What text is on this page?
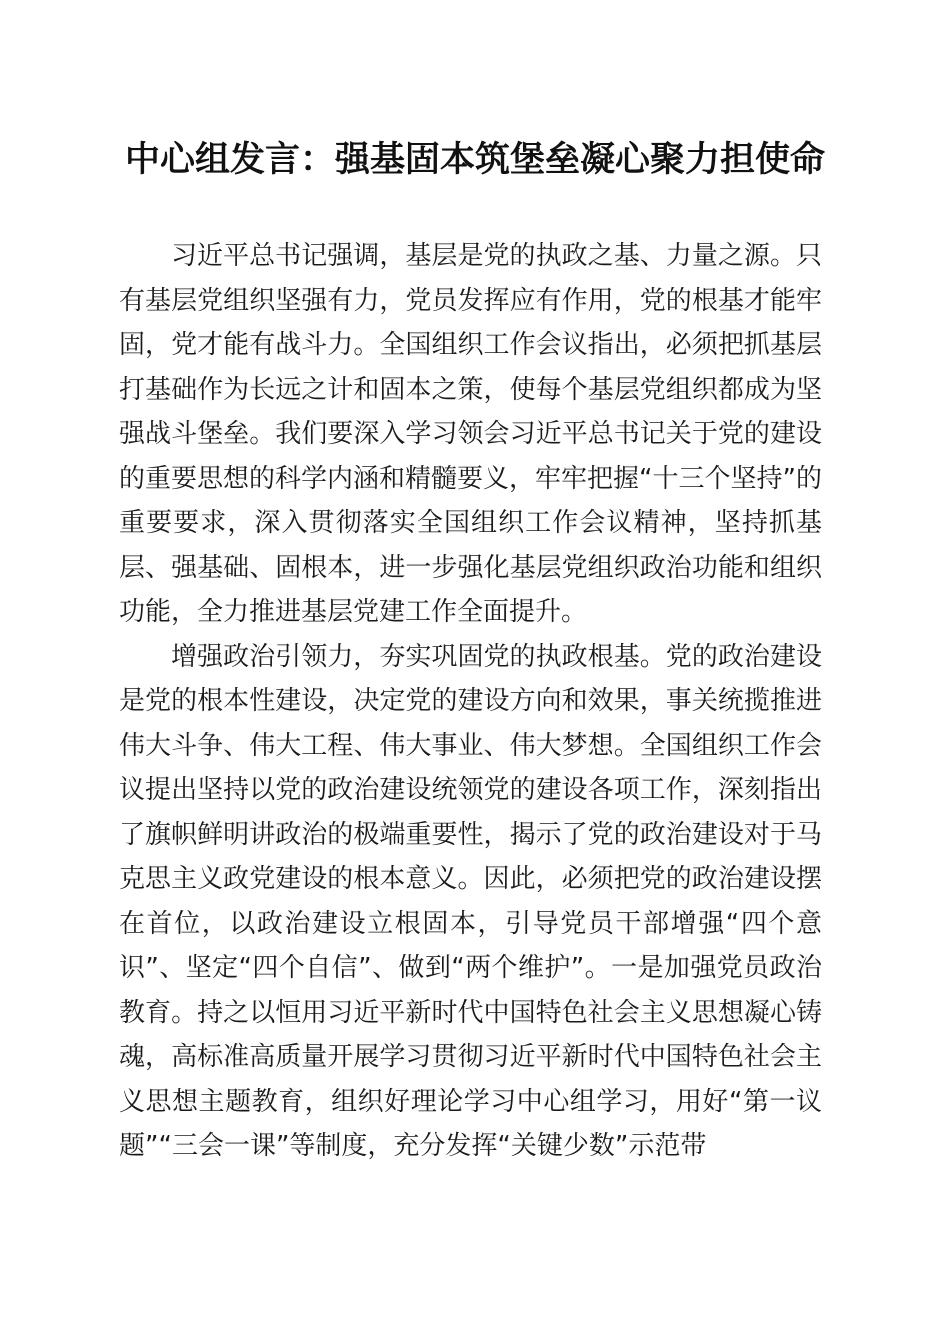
中心组发言：强基固本筑堡垒凝心聚力担使命

习近平总书记强调，基层是党的执政之基、力量之源。只有基层党组织坚强有力，党员发挥应有作用，党的根基才能牢固，党才能有战斗力。全国组织工作会议指出，必须把抓基层打基础作为长远之计和固本之策，使每个基层党组织都成为坚强战斗堡垒。我们要深入学习领会习近平总书记关于党的建设的重要思想的科学内涵和精髓要义，牢牢把握“十三个坚持”的重要要求，深入贯彻落实全国组织工作会议精神，坚持抓基层、强基础、固根本，进一步强化基层党组织政治功能和组织功能，全力推进基层党建工作全面提升。

增强政治引领力，夯实巩固党的执政根基。党的政治建设是党的根本性建设，决定党的建设方向和效果，事关统揽推进伟大斗争、伟大工程、伟大事业、伟大梦想。全国组织工作会议提出坚持以党的政治建设统领党的建设各项工作，深刻指出了旗帜鲜明讲政治的极端重要性，揭示了党的政治建设对于马克思主义政党建设的根本意义。因此，必须把党的政治建设摆在首位，以政治建设立根固本，引导党员干部增强“四个意识”、坚定“四个自信”、做到“两个维护”。一是加强党员政治教育。持之以恒用习近平新时代中国特色社会主义思想凝心铸魂，高标准高质量开展学习贯彻习近平新时代中国特色社会主义思想主题教育，组织好理论学习中心组学习，用好“第一议题”“三会一课”等制度，充分发挥“关键少数”示范带
